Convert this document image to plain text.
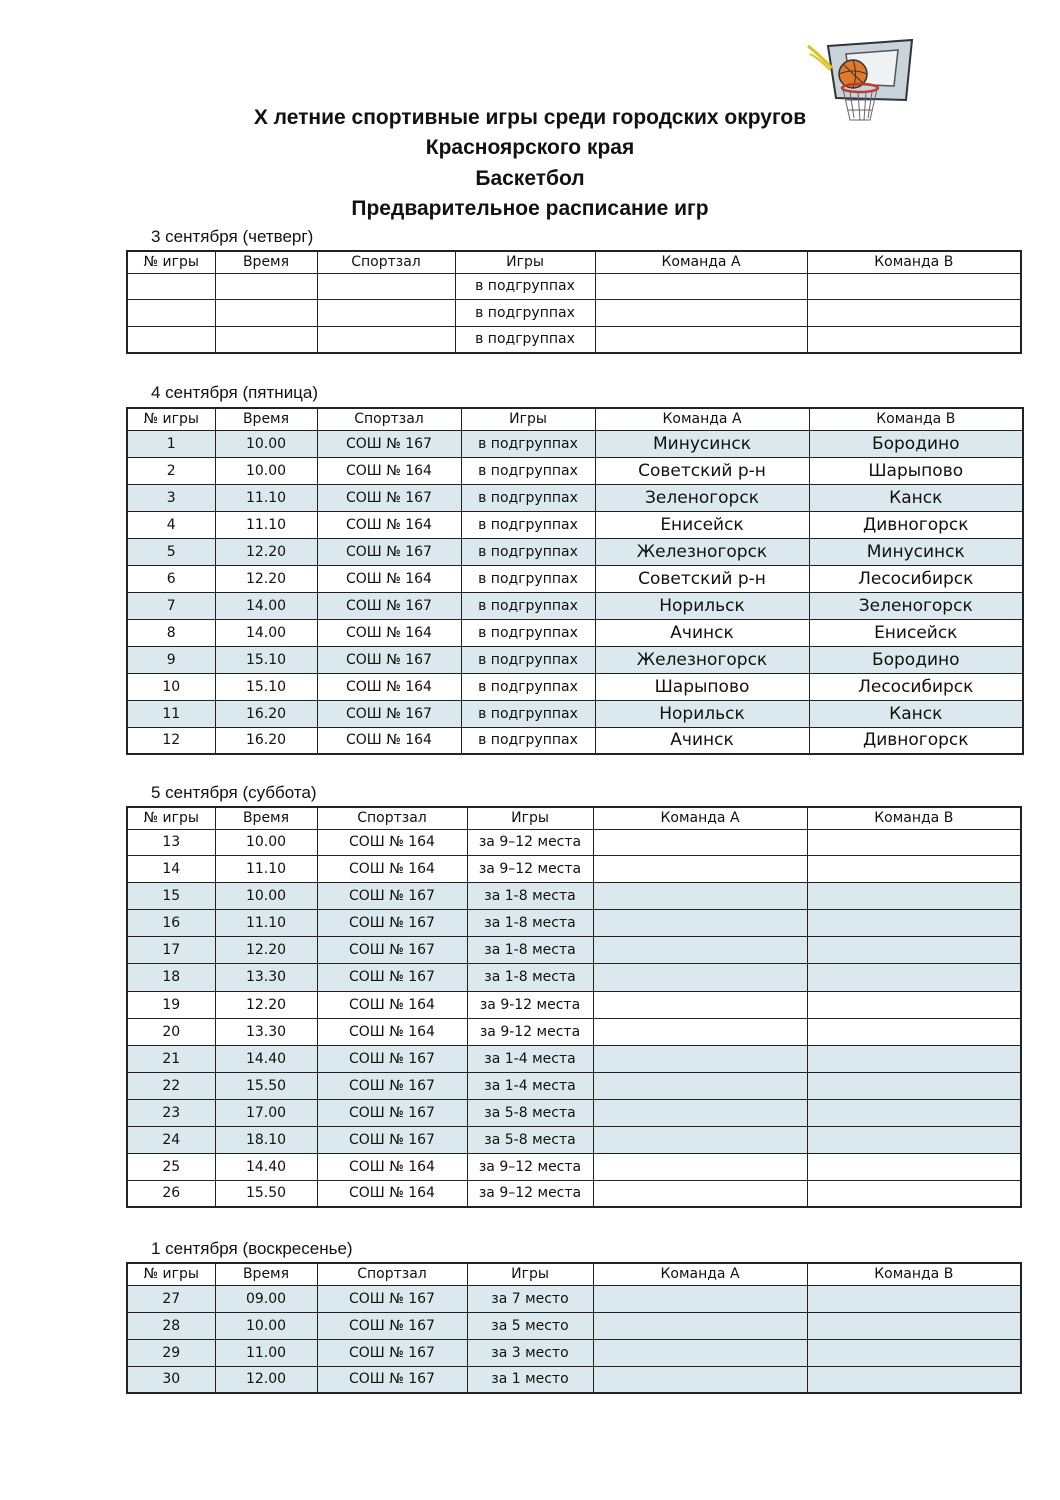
X летние спортивные игры среди городских округов
Красноярского края
Баскетбол
Предварительное расписание игр
3 сентября (четверг)
№ игры	Время	Спортзал	Игры	Команда А	Команда В
			в подгруппах		
			в подгруппах		
			в подгруппах		
4 сентября (пятница)
№ игры	Время	Спортзал	Игры	Команда А	Команда В
1	10.00	СОШ № 167	в подгруппах	Минусинск	Бородино
2	10.00	СОШ № 164	в подгруппах	Советский р-н	Шарыпово
3	11.10	СОШ № 167	в подгруппах	Зеленогорск	Канск
4	11.10	СОШ № 164	в подгруппах	Енисейск	Дивногорск
5	12.20	СОШ № 167	в подгруппах	Железногорск	Минусинск
6	12.20	СОШ № 164	в подгруппах	Советский р-н	Лесосибирск
7	14.00	СОШ № 167	в подгруппах	Норильск	Зеленогорск
8	14.00	СОШ № 164	в подгруппах	Ачинск	Енисейск
9	15.10	СОШ № 167	в подгруппах	Железногорск	Бородино
10	15.10	СОШ № 164	в подгруппах	Шарыпово	Лесосибирск
11	16.20	СОШ № 167	в подгруппах	Норильск	Канск
12	16.20	СОШ № 164	в подгруппах	Ачинск	Дивногорск
5 сентября (суббота)
№ игры	Время	Спортзал	Игры	Команда А	Команда В
13	10.00	СОШ № 164	за 9–12 места		
14	11.10	СОШ № 164	за 9–12 места		
15	10.00	СОШ № 167	за 1-8 места		
16	11.10	СОШ № 167	за 1-8 места		
17	12.20	СОШ № 167	за 1-8 места		
18	13.30	СОШ № 167	за 1-8 места		
19	12.20	СОШ № 164	за 9-12 места		
20	13.30	СОШ № 164	за 9-12 места		
21	14.40	СОШ № 167	за 1-4 места		
22	15.50	СОШ № 167	за 1-4 места		
23	17.00	СОШ № 167	за 5-8 места		
24	18.10	СОШ № 167	за 5-8 места		
25	14.40	СОШ № 164	за 9–12 места		
26	15.50	СОШ № 164	за 9–12 места		
1 сентября (воскресенье)
№ игры	Время	Спортзал	Игры	Команда А	Команда В
27	09.00	СОШ № 167	за 7 место		
28	10.00	СОШ № 167	за 5 место		
29	11.00	СОШ № 167	за 3 место		
30	12.00	СОШ № 167	за 1 место		
